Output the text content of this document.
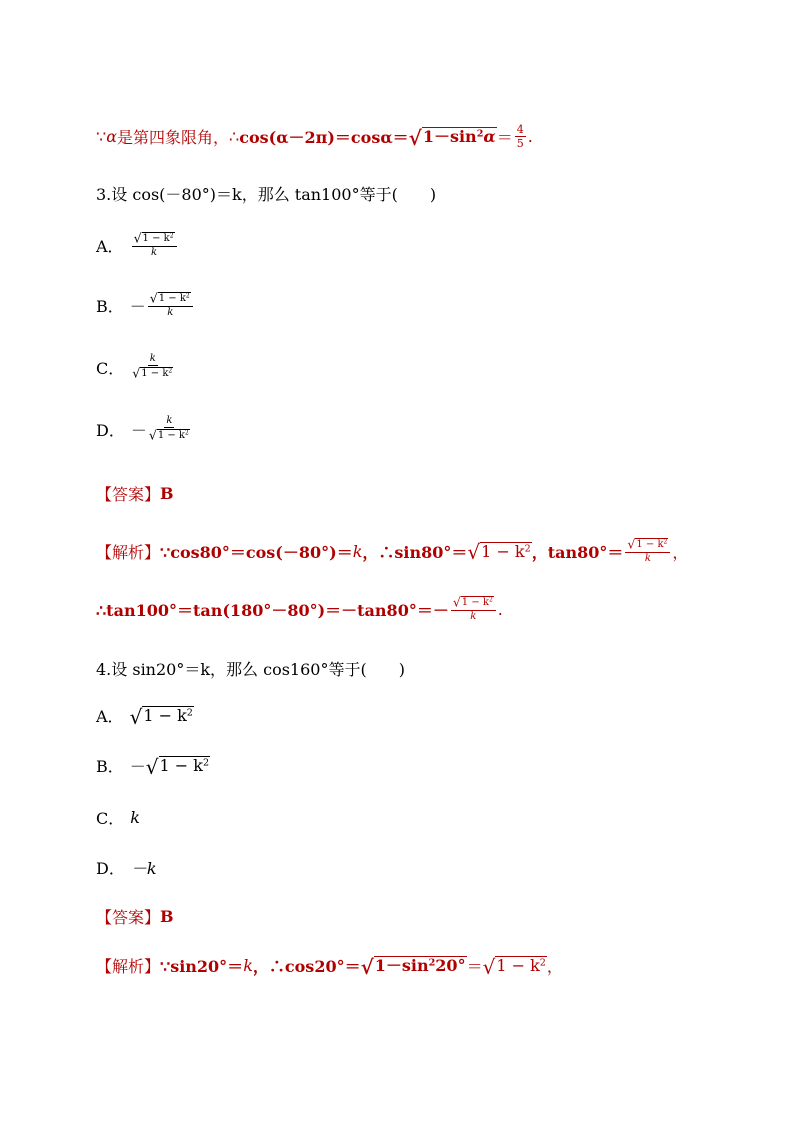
∵ α 是第四象限角， ∴ cos(α－2π)＝cosα＝ √ $1-\sin^2\alpha = \frac{4}{5}$ .
3.设 cos(－80°)＝k，那么 tan100°等于(　　)
A． $\frac{√ 1 - k^2}{k}$
B． － $\frac{√ 1 - k^2}{k}$
C． $\frac{k}{√ 1 - k^2}$
D． － $\frac{k}{√ 1 - k^2}$
【答案】 B
【解析】 ∵cos80°＝cos(－80°)＝ k ，∴sin80°＝ √ $1 - k^2$ ，$\tan 80^\circ= \frac{√ 1 - k^2}{k}$ ，
∴tan100°＝tan(180°－80°)＝－tan80°＝－ $\frac{√ 1 - k^2}{k}$ .
4.设 sin20°＝k，那么 cos160°等于(　　)
A． √ $1 - k^2$
B． － √ $1 - k^2$
C． k
D． －k
【答案】 B
【解析】 ∵sin20°＝ k ，∴cos20°＝ √ $1-\sin^220^\circ$ ＝ √ $1 - k^2$ ，
